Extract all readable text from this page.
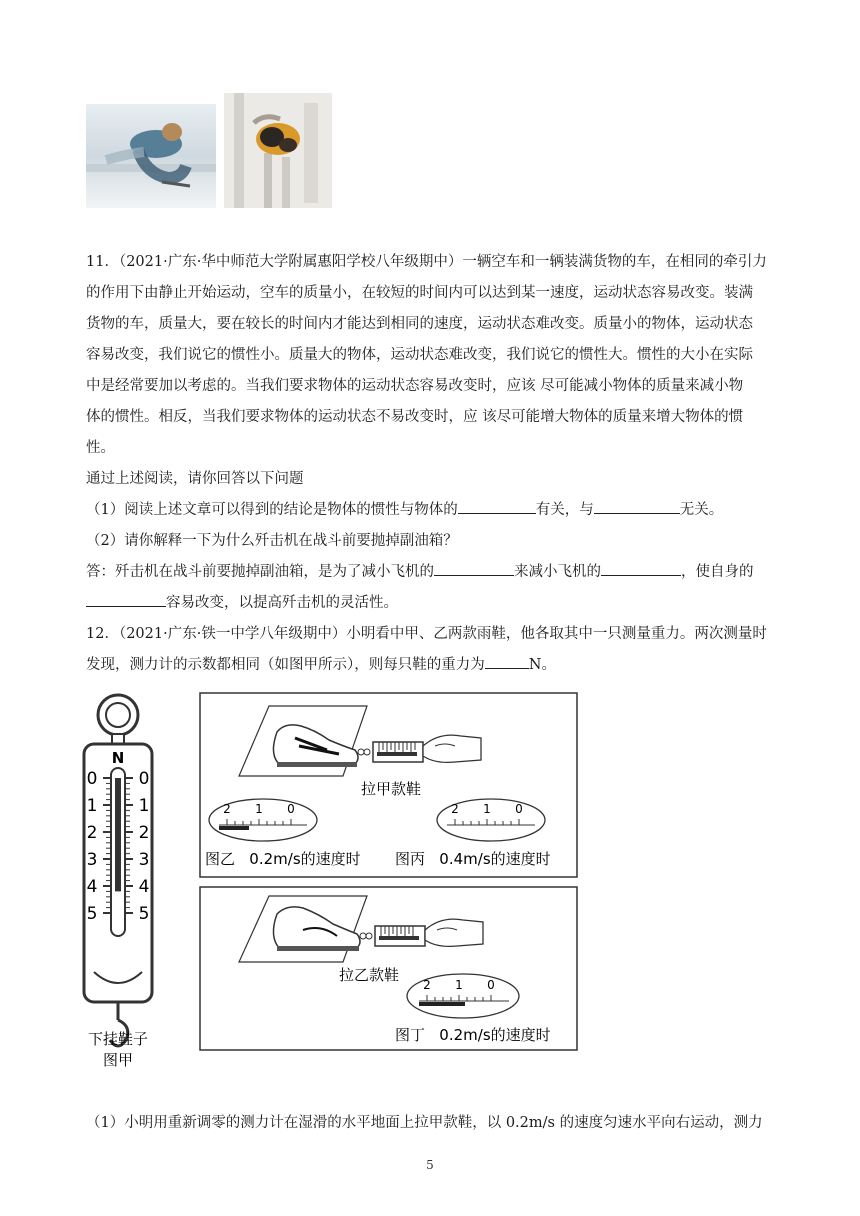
11．（2021·广东·华中师范大学附属惠阳学校八年级期中）一辆空车和一辆装满货物的车，在相同的牵引力
的作用下由静止开始运动，空车的质量小，在较短的时间内可以达到某一速度，运动状态容易改变。装满
货物的车，质量大，要在较长的时间内才能达到相同的速度，运动状态难改变。质量小的物体，运动状态
容易改变，我们说它的惯性小。质量大的物体，运动状态难改变，我们说它的惯性大。惯性的大小在实际
中是经常要加以考虑的。当我们要求物体的运动状态容易改变时，应该 尽可能减小物体的质量来减小物
体的惯性。相反，当我们要求物体的运动状态不易改变时，应 该尽可能增大物体的质量来增大物体的惯
性。
通过上述阅读，请你回答以下问题
（1）阅读上述文章可以得到的结论是物体的惯性与物体的	有关，与	无关。
（2）请你解释一下为什么歼击机在战斗前要抛掉副油箱？
答：歼击机在战斗前要抛掉副油箱，是为了减小飞机的	来减小飞机的	，使自身的
容易改变，以提高歼击机的灵活性。
12．（2021·广东·铁一中学八年级期中）小明看中甲、乙两款雨鞋，他各取其中一只测量重力。两次测量时
发现，测力计的示数都相同（如图甲所示），则每只鞋的重力为	N。
N
0
1
2
3
4
5
0
1
2
3
4
5
下挂鞋子
图甲
拉甲款鞋
2 1 0	2 1 0
图乙   0.2m/s的速度时 图丙   0.4m/s的速度时
拉乙款鞋
2 1 0
图丁   0.2m/s的速度时
（1）小明用重新调零的测力计在湿滑的水平地面上拉甲款鞋，以 0.2m/s 的速度匀速水平向右运动，测力
5
